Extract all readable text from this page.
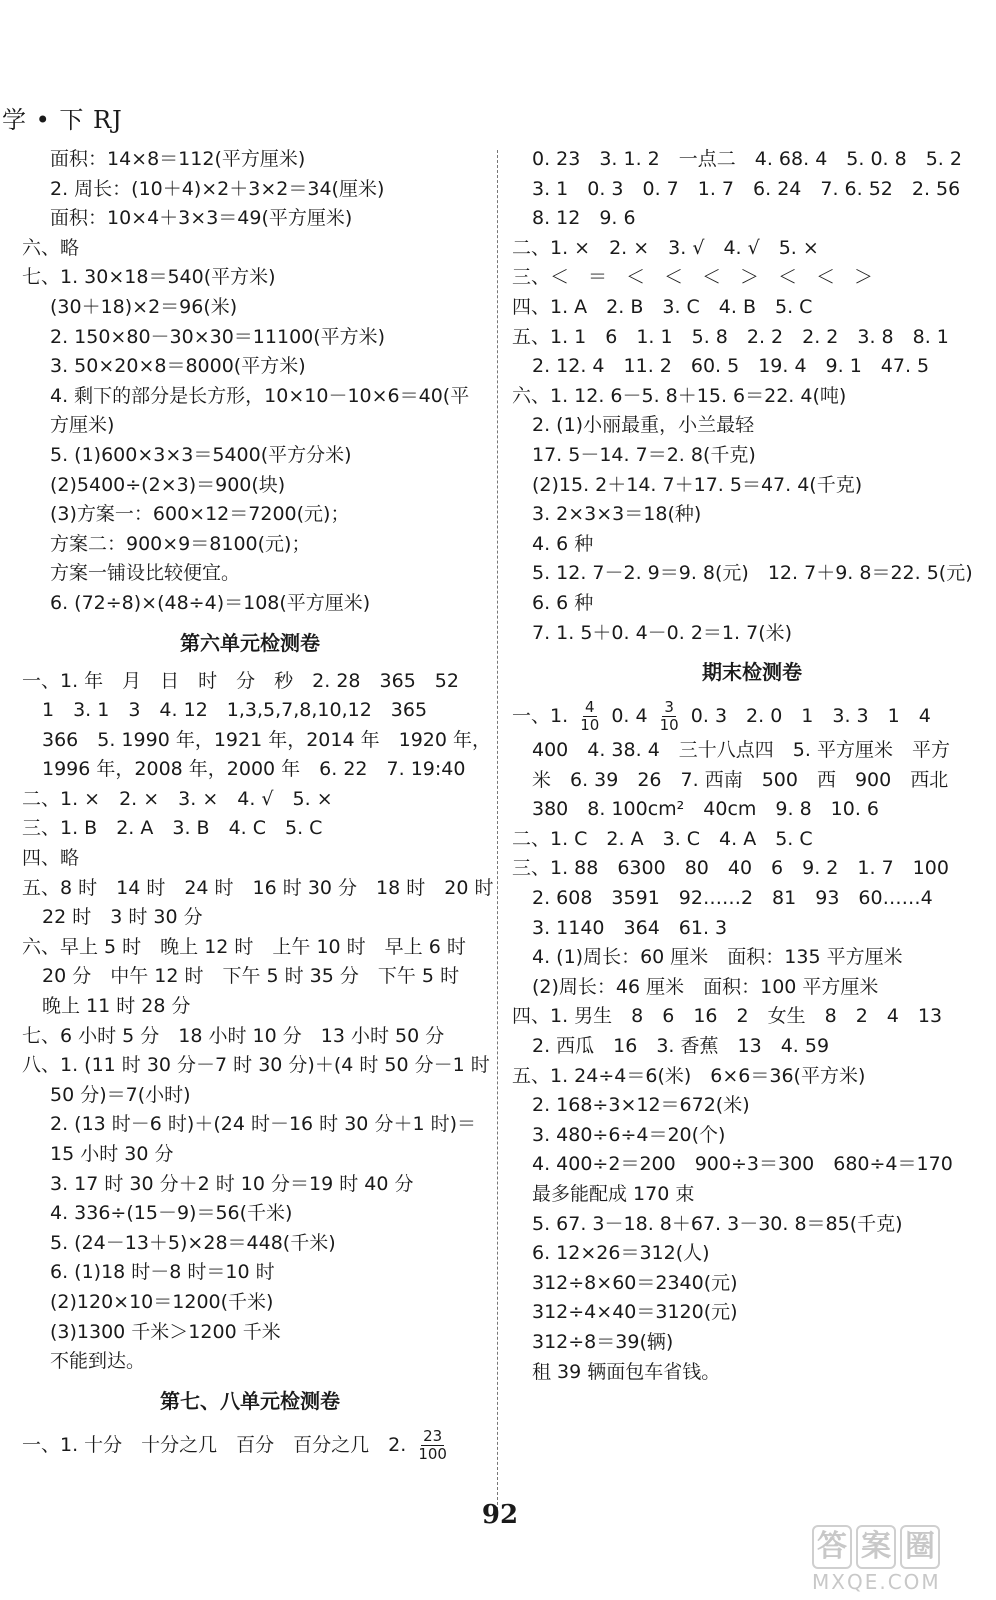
学 • 下 RJ
面积：14×8＝112(平方厘米)
2. 周长：(10＋4)×2＋3×2＝34(厘米)
面积：10×4＋3×3＝49(平方厘米)
六、略
七、1. 30×18＝540(平方米)
(30＋18)×2＝96(米)
2. 150×80－30×30＝11100(平方米)
3. 50×20×8＝8000(平方米)
4. 剩下的部分是长方形，10×10－10×6＝40(平
方厘米)
5. (1)600×3×3＝5400(平方分米)
(2)5400÷(2×3)＝900(块)
(3)方案一：600×12＝7200(元)；
方案二：900×9＝8100(元)；
方案一铺设比较便宜。
6. (72÷8)×(48÷4)＝108(平方厘米)
第六单元检测卷
一、1. 年　月　日　时　分　秒　2. 28　365　52
1　3. 1　3　4. 12　1,3,5,7,8,10,12　365
366　5. 1990 年，1921 年，2014 年　1920 年，
1996 年，2008 年，2000 年　6. 22　7. 19:40
二、1. ×　2. ×　3. ×　4. √　5. ×
三、1. B　2. A　3. B　4. C　5. C
四、略
五、8 时　14 时　24 时　16 时 30 分　18 时　20 时
22 时　3 时 30 分
六、早上 5 时　晚上 12 时　上午 10 时　早上 6 时
20 分　中午 12 时　下午 5 时 35 分　下午 5 时
晚上 11 时 28 分
七、6 小时 5 分　18 小时 10 分　13 小时 50 分
八、1. (11 时 30 分－7 时 30 分)＋(4 时 50 分－1 时
50 分)＝7(小时)
2. (13 时－6 时)＋(24 时－16 时 30 分＋1 时)＝
15 小时 30 分
3. 17 时 30 分＋2 时 10 分＝19 时 40 分
4. 336÷(15－9)＝56(千米)
5. (24－13＋5)×28＝448(千米)
6. (1)18 时－8 时＝10 时
(2)120×10＝1200(千米)
(3)1300 千米＞1200 千米
不能到达。
第七、八单元检测卷
一、1. 十分　十分之几　百分　百分之几　2. $\frac{23}{100}$
0. 23　3. 1. 2　一点二　4. 68. 4　5. 0. 8　5. 2
3. 1　0. 3　0. 7　1. 7　6. 24　7. 6. 52　2. 56
8. 12　9. 6
二、1. ×　2. ×　3. √　4. √　5. ×
三、＜　＝　＜　＜　＜　＞　＜　＜　＞
四、1. A　2. B　3. C　4. B　5. C
五、1. 1　6　1. 1　5. 8　2. 2　2. 2　3. 8　8. 1
2. 12. 4　11. 2　60. 5　19. 4　9. 1　47. 5
六、1. 12. 6－5. 8＋15. 6＝22. 4(吨)
2. (1)小丽最重，小兰最轻
17. 5－14. 7＝2. 8(千克)
(2)15. 2＋14. 7＋17. 5＝47. 4(千克)
3. 2×3×3＝18(种)
4. 6 种
5. 12. 7－2. 9＝9. 8(元)　12. 7＋9. 8＝22. 5(元)
6. 6 种
7. 1. 5＋0. 4－0. 2＝1. 7(米)
期末检测卷
一、1. $\frac{4}{10} 0$. $4 \frac{3}{10} 0$. 3　2. 0　1　3. 3　1　4
400　4. 38. 4　三十八点四　5. 平方厘米　平方
米　6. 39　26　7. 西南　500　西　900　西北
380　8. 100cm²　40cm　9. 8　10. 6
二、1. C　2. A　3. C　4. A　5. C
三、1. 88　6300　80　40　6　9. 2　1. 7　100
2. 608　3591　92……2　81　93　60……4
3. 1140　364　61. 3
4. (1)周长：60 厘米　面积：135 平方厘米
(2)周长：46 厘米　面积：100 平方厘米
四、1. 男生　8　6　16　2　女生　8　2　4　13
2. 西瓜　16　3. 香蕉　13　4. 59
五、1. 24÷4＝6(米)　6×6＝36(平方米)
2. 168÷3×12＝672(米)
3. 480÷6÷4＝20(个)
4. 400÷2＝200　900÷3＝300　680÷4＝170
最多能配成 170 束
5. 67. 3－18. 8＋67. 3－30. 8＝85(千克)
6. 12×26＝312(人)
312÷8×60＝2340(元)
312÷4×40＝3120(元)
312÷8＝39(辆)
租 39 辆面包车省钱。
92
答 案 圈
MXQE.COM
